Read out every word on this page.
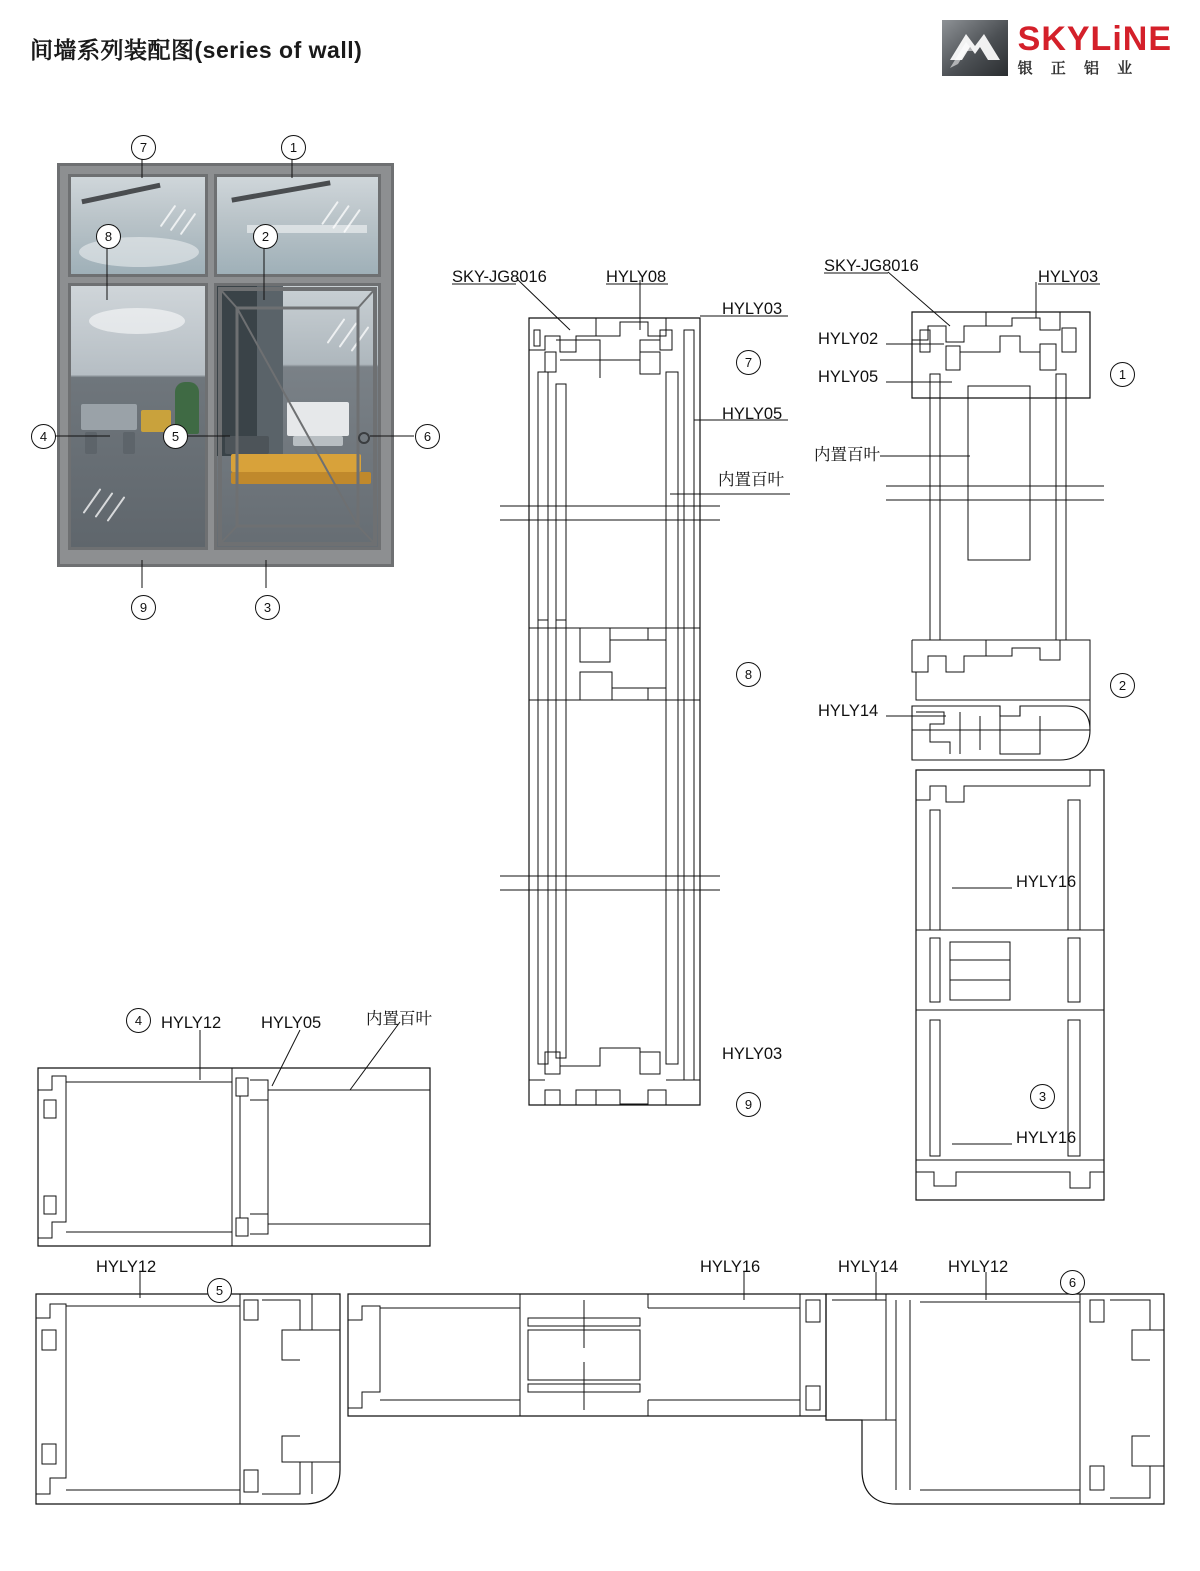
间墙系列装配图(series of wall)	SKYLiNE
银 正 铝 业
7	1
8	2
4	5	6
9	3
SKY-JG8016	HYLY08
HYLY03
HYLY05
内置百叶
HYLY03
7
8
9
SKY-JG8016
HYLY03
HYLY02
HYLY05
内置百叶
HYLY14
HYLY16
HYLY16
1
2
3
4	HYLY12 HYLY05	内置百叶
HYLY12	HYLY16	HYLY14	HYLY12
5
6
